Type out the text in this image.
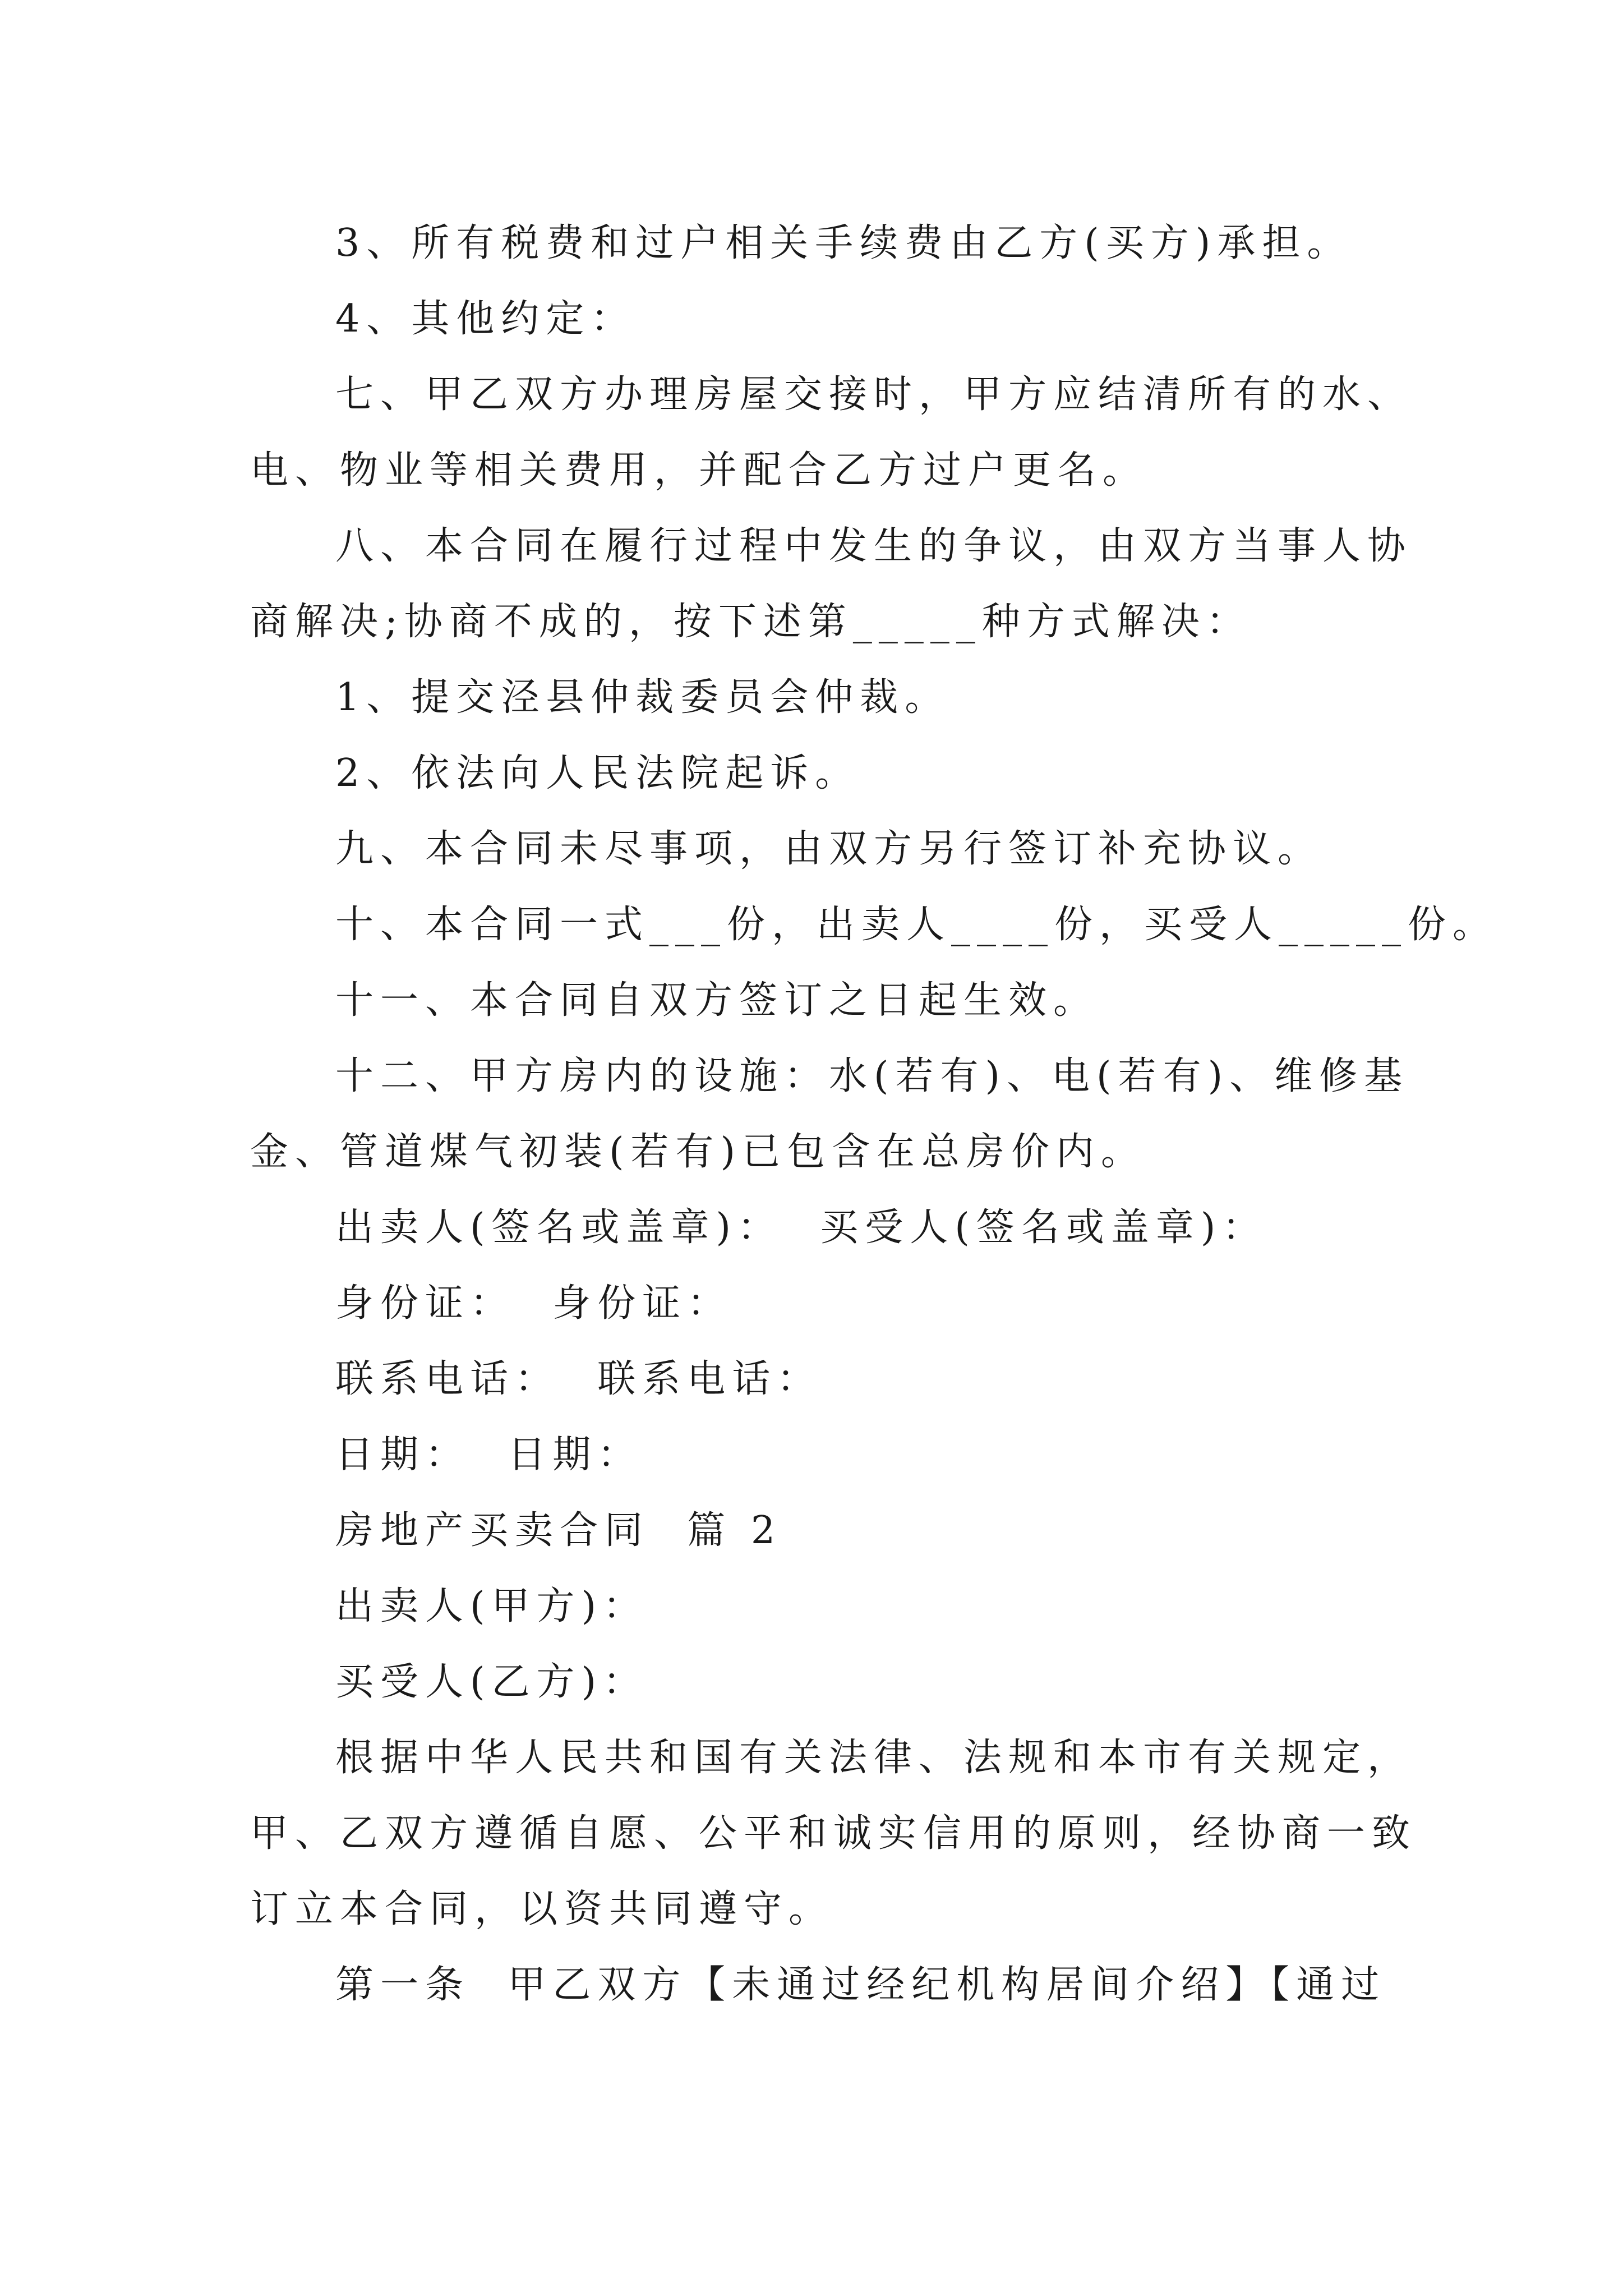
3、所有税费和过户相关手续费由乙方(买方)承担。
4、其他约定：
七、甲乙双方办理房屋交接时，甲方应结清所有的水、
电、物业等相关费用，并配合乙方过户更名。
八、本合同在履行过程中发生的争议，由双方当事人协
商解决;协商不成的，按下述第_____种方式解决：
1、提交泾县仲裁委员会仲裁。
2、依法向人民法院起诉。
九、本合同未尽事项，由双方另行签订补充协议。
十、本合同一式___份，出卖人____份，买受人_____份。
十一、本合同自双方签订之日起生效。
十二、甲方房内的设施：水(若有)、电(若有)、维修基
金、管道煤气初装(若有)已包含在总房价内。
出卖人(签名或盖章)：  买受人(签名或盖章)：
身份证：  身份证：
联系电话：  联系电话：
日期：  日期：
房地产买卖合同  篇 2
出卖人(甲方)：
买受人(乙方)：
根据中华人民共和国有关法律、法规和本市有关规定，
甲、乙双方遵循自愿、公平和诚实信用的原则，经协商一致
订立本合同，以资共同遵守。
第一条  甲乙双方【未通过经纪机构居间介绍】【通过
